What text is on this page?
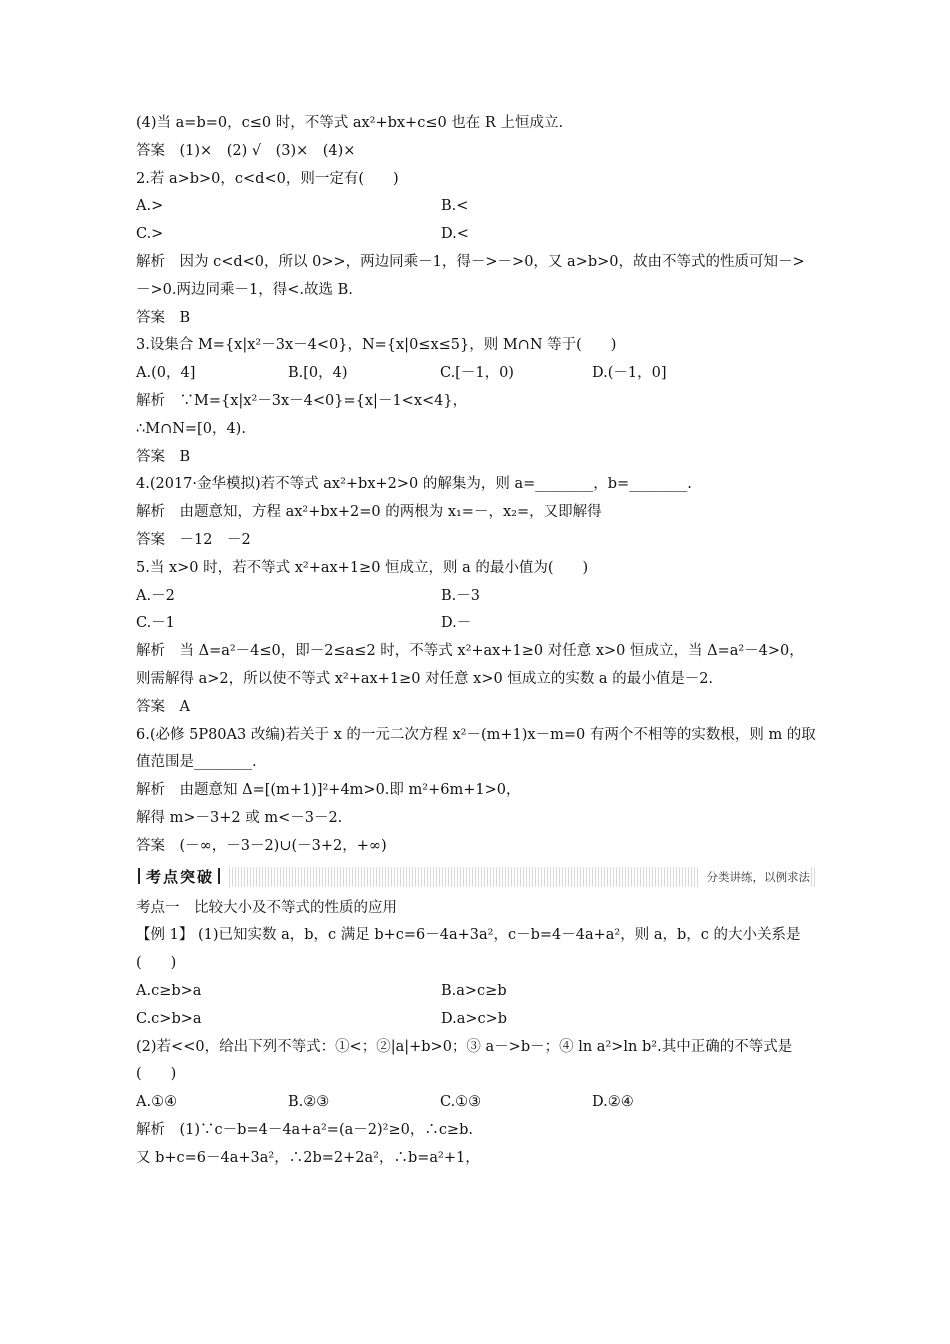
(4)当 a=b=0，c≤0 时，不等式 ax²+bx+c≤0 也在 R 上恒成立.
答案　(1)×　(2) √　(3)×　(4)×
2.若 a>b>0，c<d<0，则一定有(　　)
A.>	B.<
C.>	D.<
解析　因为 c<d<0，所以 0>>，两边同乘－1，得－>－>0，又 a>b>0，故由不等式的性质可知－>－>0.两边同乘－1，得<.故选 B.
答案　B
3.设集合 M={x|x²－3x－4<0}，N={x|0≤x≤5}，则 M∩N 等于(　　)
A.(0，4]	B.[0，4)	C.[－1，0)	D.(－1，0]
解析　∵M={x|x²－3x－4<0}={x|－1<x<4}，
∴M∩N=[0，4).
答案　B
4.(2017·金华模拟)若不等式 ax²+bx+2>0 的解集为，则 a=________，b=________.
解析　由题意知，方程 ax²+bx+2=0 的两根为 x₁=－，x₂=，又即解得
答案　－12　－2
5.当 x>0 时，若不等式 x²+ax+1≥0 恒成立，则 a 的最小值为(　　)
A.－2	B.－3
C.－1	D.－
解析　当 Δ=a²－4≤0，即－2≤a≤2 时，不等式 x²+ax+1≥0 对任意 x>0 恒成立，当 Δ=a²－4>0，则需解得 a>2，所以使不等式 x²+ax+1≥0 对任意 x>0 恒成立的实数 a 的最小值是－2.
答案　A
6.(必修 5P80A3 改编)若关于 x 的一元二次方程 x²－(m+1)x－m=0 有两个不相等的实数根，则 m 的取值范围是________.
解析　由题意知 Δ=[(m+1)]²+4m>0.即 m²+6m+1>0，
解得 m>－3+2 或 m<－3－2.
答案　(－∞，－3－2)∪(－3+2，+∞)
考点突破	分类讲练，以例求法
考点一　比较大小及不等式的性质的应用
【例 1】 (1)已知实数 a，b，c 满足 b+c=6－4a+3a²，c－b=4－4a+a²，则 a，b，c 的大小关系是(　　)
A.c≥b>a	B.a>c≥b
C.c>b>a	D.a>c>b
(2)若<<0，给出下列不等式：①<；②|a|+b>0；③ a－>b－；④ ln a²>ln b².其中正确的不等式是(　　)
A.①④	B.②③	C.①③	D.②④
解析　(1)∵c－b=4－4a+a²=(a－2)²≥0，∴c≥b.
又 b+c=6－4a+3a²，∴2b=2+2a²，∴b=a²+1，
